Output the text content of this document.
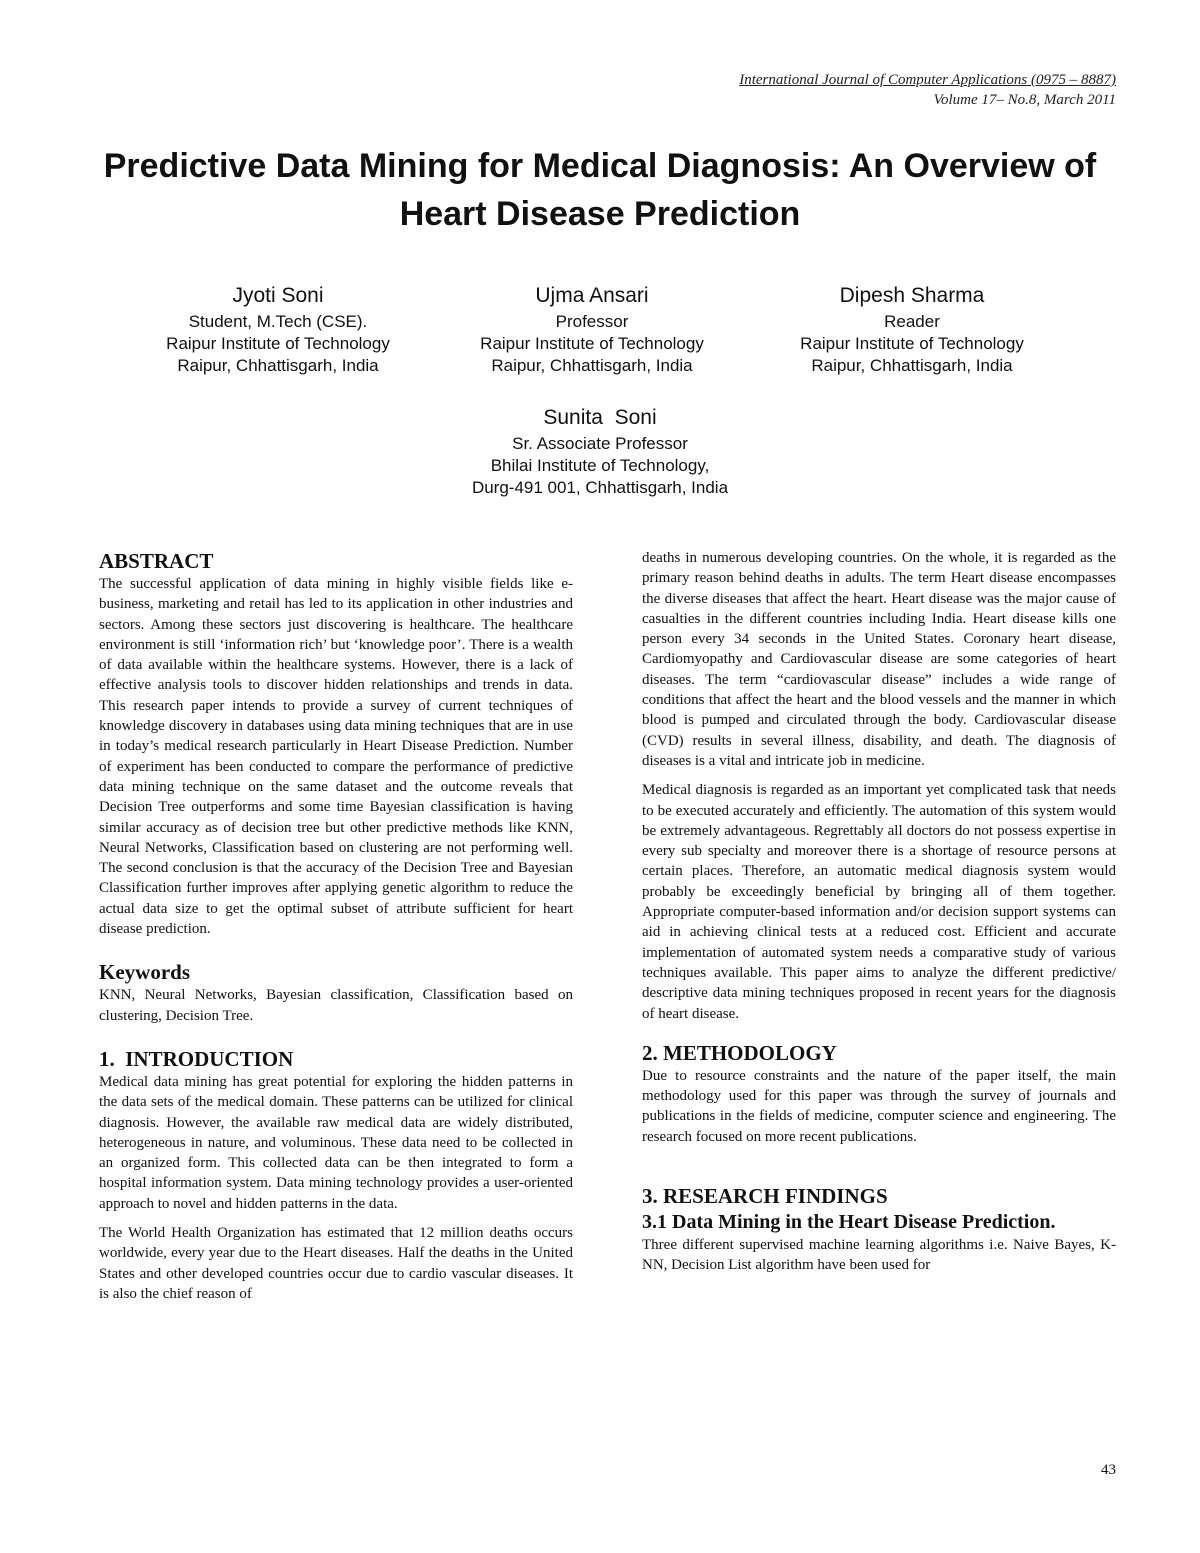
International Journal of Computer Applications (0975 – 8887)
Volume 17– No.8, March 2011
Predictive Data Mining for Medical Diagnosis: An Overview of Heart Disease Prediction
Jyoti Soni
Student, M.Tech (CSE).
Raipur Institute of Technology
Raipur, Chhattisgarh, India
Ujma Ansari
Professor
Raipur Institute of Technology
Raipur, Chhattisgarh, India
Dipesh Sharma
Reader
Raipur Institute of Technology
Raipur, Chhattisgarh, India
Sunita  Soni
Sr. Associate Professor
Bhilai Institute of Technology,
Durg-491 001, Chhattisgarh, India
ABSTRACT

The successful application of data mining in highly visible fields like e-business, marketing and retail has led to its application in other industries and sectors. Among these sectors just discovering is healthcare. The healthcare environment is still ‘information rich’ but ‘knowledge poor’. There is a wealth of data available within the healthcare systems. However, there is a lack of effective analysis tools to discover hidden relationships and trends in data. This research paper intends to provide a survey of current techniques of knowledge discovery in databases using data mining techniques that are in use in today’s medical research particularly in Heart Disease Prediction. Number of experiment has been conducted to compare the performance of predictive data mining technique on the same dataset and the outcome reveals that Decision Tree outperforms and some time Bayesian classification is having similar accuracy as of decision tree but other predictive methods like KNN, Neural Networks, Classification based on clustering are not performing well. The second conclusion is that the accuracy of the Decision Tree and Bayesian Classification further improves after applying genetic algorithm to reduce the actual data size to get the optimal subset of attribute sufficient for heart disease prediction.

Keywords

KNN, Neural Networks, Bayesian classification, Classification based on clustering, Decision Tree.

1.  INTRODUCTION

Medical data mining has great potential for exploring the hidden patterns in the data sets of the medical domain. These patterns can be utilized for clinical diagnosis. However, the available raw medical data are widely distributed, heterogeneous in nature, and voluminous. These data need to be collected in an organized form. This collected data can be then integrated to form a hospital information system. Data mining technology provides a user-oriented approach to novel and hidden patterns in the data.

The World Health Organization has estimated that 12 million deaths occurs worldwide, every year due to the Heart diseases. Half the deaths in the United States and other developed countries occur due to cardio vascular diseases. It is also the chief reason of

deaths in numerous developing countries. On the whole, it is regarded as the primary reason behind deaths in adults. The term Heart disease encompasses the diverse diseases that affect the heart. Heart disease was the major cause of casualties in the different countries including India. Heart disease kills one person every 34 seconds in the United States. Coronary heart disease, Cardiomyopathy and Cardiovascular disease are some categories of heart diseases. The term “cardiovascular disease” includes a wide range of conditions that affect the heart and the blood vessels and the manner in which blood is pumped and circulated through the body. Cardiovascular disease (CVD) results in several illness, disability, and death. The diagnosis of diseases is a vital and intricate job in medicine.

Medical diagnosis is regarded as an important yet complicated task that needs to be executed accurately and efficiently. The automation of this system would be extremely advantageous. Regrettably all doctors do not possess expertise in every sub specialty and moreover there is a shortage of resource persons at certain places. Therefore, an automatic medical diagnosis system would probably be exceedingly beneficial by bringing all of them together. Appropriate computer-based information and/or decision support systems can aid in achieving clinical tests at a reduced cost. Efficient and accurate implementation of automated system needs a comparative study of various techniques available. This paper aims to analyze the different predictive/ descriptive data mining techniques proposed in recent years for the diagnosis of heart disease.

2. METHODOLOGY

Due to resource constraints and the nature of the paper itself, the main methodology used for this paper was through the survey of journals and publications in the fields of medicine, computer science and engineering. The research focused on more recent publications.

3. RESEARCH FINDINGS
3.1 Data Mining in the Heart Disease Prediction.

Three different supervised machine learning algorithms i.e. Naive Bayes, K-NN, Decision List algorithm have been used for

43
